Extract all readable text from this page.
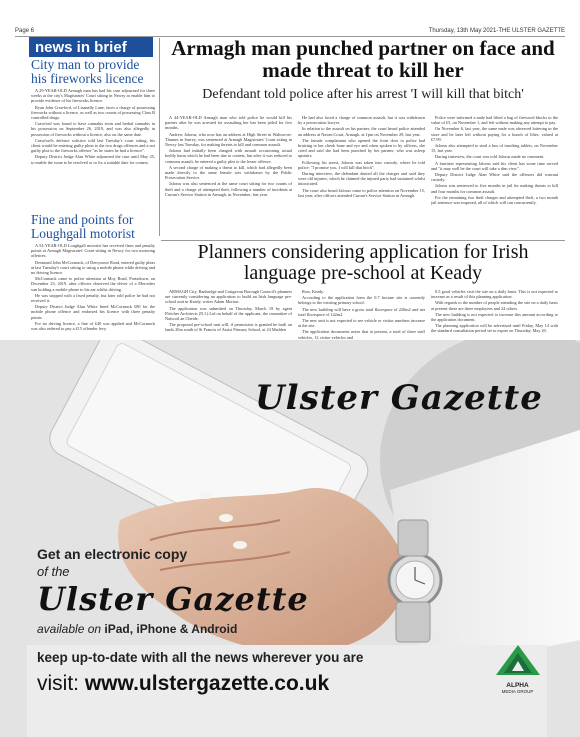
Page 6	Thursday, 13th May 2021-THE ULSTER GAZETTE
news in brief
City man to provide his fireworks licence

A 29-YEAR-OLD Armagh man has had his case adjourned for three weeks at the city's Magistrates' Court sitting in Newry to enable him to provide evidence of his fireworks licence.

Ryan John Crawford, of Lisanally Lane, faces a charge of possessing fireworks without a licence, as well as two counts of possessing Class B controlled drugs.

Crawford was found to have cannabis resin and herbal cannabis in his possession on September 26, 2019, and was also allegedly in possession of fireworks without a licence, also on the same date.

Crawford's defence solicitor told last Tuesday's court sitting, his client would be entering guilty pleas to the two drugs offences and a not guilty plea to the fireworks offence "as he states he had a licence".

Deputy District Judge Alan White adjourned the case until May 25, to enable the issue to be resolved or to fix a suitable date for contest.

Fine and points for Loughgall motorist

A 52-YEAR-OLD Loughgall motorist has received fines and penalty points at Armagh Magistrates' Court sitting in Newry for two motoring offences.

Desmond John McCormack, of Derryzawe Road, entered guilty pleas at last Tuesday's court sitting to using a mobile phone while driving and no driving licence.

McCormack came to police attention at Moy Road, Portadown, on December 23, 2019, after officers observed the driver of a Mercedes van holding a mobile phone to his ear whilst driving.

He was stopped with a fixed penalty, but later told police he had not received it.

Deputy District Judge Alan White fined McCormack £80 for the mobile phone offence and endorsed his licence with three penalty points.

For no driving licence, a fine of £40 was applied and McCormack was also ordered to pay a £15 offender levy.

Armagh man punched partner on face and made threat to kill her
Defendant told police after his arrest 'I will kill that bitch'

A 44-YEAR-OLD Armagh man who told police he would kill his partner after he was arrested for assaulting her has been jailed for five months.

Andrew Jalorus, who now has an address at High Street in Walton-on-Thames in Surrey, was sentenced at Armagh Magistrates' Court sitting in Newry last Tuesday, for making threats to kill and common assault.

Jalorus had initially been charged with assault occasioning actual bodily harm which he had been due to contest, but after it was reduced to common assault, he entered a guilty plea to the lesser offence.

A second charge of making a threat to kill, which had allegedly been made directly to the same female was withdrawn by the Public Prosecution Service.

Jalorus was also sentenced at the same court sitting for two counts of theft and a charge of attempted theft, following a number of incidents at Curran's Service Station in Armagh, in November, last year.

He had also faced a charge of common assault, but it was withdrawn by a prosecution lawyer.

In relation to the assault on his partner, the court heard police attended an address at Navan Court, Armagh, at 1pm on November 29, last year.

The female complainant who opened the front door to police had bruising to her cheek bone and eye and when spoken to by officers, she cried and said she had been punched by her partner, who was asleep upstairs.

Following his arrest, Jalorus was taken into custody, where he told police: "I promise you, I will kill that bitch".

During interview, the defendant denied all the charges and said they were old injuries, which he claimed the injured party had sustained whilst intoxicated.

The court also heard Jalorus came to police attention on November 15, last year, after officers attended Curran's Service Station in Armagh.

Police were informed a male had lifted a bag of firewood blocks to the value of £5, on November 1, and left without making any attempt to pay.

On November 6, last year, the same male was observed loitering in the store and he later left without paying for a bunch of lilies, valued at £7.99.

Jalorus also attempted to steal a box of insulting tablets, on November 15, last year.

During interview, the court was told Jalorus made no comment.

A barrister representing Jalorus said his client has some time served and "it may well be the court will take a dim view".

Deputy District Judge Alan White said the offences did warrant custody.

Jalorus was sentenced to five months in jail for making threats to kill and four months for common assault.

For the remaining two theft charges and attempted theft, a two month jail sentence was imposed, all of which will run concurrently.

Planners considering application for Irish language pre-school at Keady

ARMAGH City, Banbridge and Craigavon Borough Council's planners are currently considering an application to build an Irish language pre-school unit in Keady, writes Adam Morton.

The application was submitted on Thursday, March 18 by agent Fletcher Architects (N.I.) Ltd on behalf of the applicant, the committee of Naíscoil an Cheide.

The proposed pre-school unit will, if permission is granted be built on lands 20m south of St Francis of Assisi Primary School, at 24 Madden

Row, Keady.

According to the application form the 0.7 hectare site is currently belongs to the existing primary school.

The new building will have a gross total floorspace of 220m2 and net total floorspace of 142m2.

The new unit is not expected to see vehicle or visitor numbers increase at the site.

The application documents notes that at present, a total of three staff vehicles, 12 visitor vehicles and

0.5 good vehicles visit the site on a daily basis. This is not expected to increase as a result of this planning application.

With regards to the number of people attending the site on a daily basis at present there are three employees and 24 others.

The new building is not expected to increase this amount according to the application document.

The planning application will be advertised until Friday, May 14 with the standard consultation period set to expire on Thursday, May 20.

Ulster Gazette
Get an electronic copy
of the
Ulster Gazette
available on iPad, iPhone & Android
keep up-to-date with all the news wherever you are
visit: www.ulstergazette.co.uk	ALPHA
MEDIA GROUP
